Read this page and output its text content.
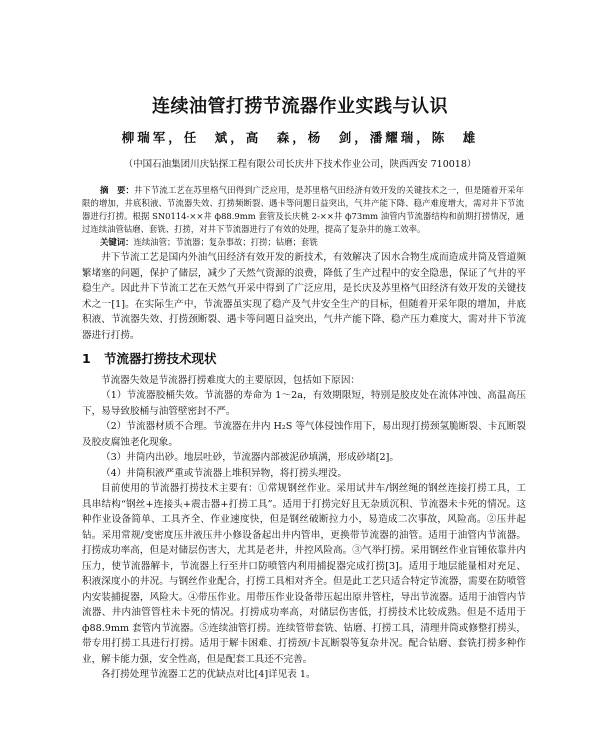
连续油管打捞节流器作业实践与认识

柳瑞军，任　斌，高　森，杨　剑，潘耀瑞，陈　雄

（中国石油集团川庆钻探工程有限公司长庆井下技术作业公司，陕西西安 710018）

摘　要：井下节流工艺在苏里格气田得到广泛应用，是苏里格气田经济有效开发的关键技术之一，但是随着开采年限的增加，井底积液、节流器失效、打捞频断裂、遇卡等问题日益突出，气井产能下降、稳产难度增大，需对井下节流器进行打捞。根据 SN0114-××井 ф88.9mm 套管及长庆桃 2-××井 ф73mm 油管内节流器结构和前期打捞情况，通过连续油管钻磨、套铣、打捞，对井下节流器进行了有效的处理，提高了复杂井的施工效率。

关键词：连续油管；节流器；复杂事故；打捞；钻磨；套铣

井下节流工艺是国内外油气田经济有效开发的新技术，有效解决了因水合物生成而造成井筒及管道频繁堵塞的问题，保护了储层，减少了天然气资源的浪费，降低了生产过程中的安全隐患，保证了气井的平稳生产。因此井下节流工艺在天然气开采中得到了广泛应用，是长庆及苏里格气田经济有效开发的关键技术之一[1]。在实际生产中，节流器虽实现了稳产及气井安全生产的目标，但随着开采年限的增加，井底积液、节流器失效、打捞颈断裂、遇卡等问题日益突出，气井产能下降、稳产压力难度大，需对井下节流器进行打捞。

1 节流器打捞技术现状

节流器失效是节流器打捞难度大的主要原因，包括如下原因：

（1）节流器胶桶失效。节流器的寿命为 1～2a，有效期限短，特别是胶皮处在流体冲蚀、高温高压下，易导致胶桶与油管壁密封不严。

（2）节流器材质不合理。节流器在井内 H₂S 等气体侵蚀作用下，易出现打捞颈氢脆断裂、卡瓦断裂及胶皮腐蚀老化现象。

（3）井筒内出砂。地层吐砂，节流器内部被泥砂填满，形成砂堵[2]。

（4）井筒积液严重或节流器上堆积异物，将打捞头埋没。

目前使用的节流器打捞技术主要有：①常规钢丝作业。采用试井车/钢丝绳的钢丝连接打捞工具，工具串结构“钢丝+连接头+震击器+打捞工具”。适用于打捞完好且无杂质沉积、节流器未卡死的情况。这种作业设备简单、工具齐全、作业速度快，但是钢丝破断拉力小，易造成二次事故，风险高。②压井起钻。采用常规/变密度压井液压井小修设备起出井内管串，更换带节流器的油管。适用于油管内节流器。打捞成功率高，但是对储层伤害大，尤其是老井，井控风险高。③气举打捞。采用钢丝作业盲锤依靠井内压力，使节流器解卡，节流器上行至井口防喷管内利用捕捉器完成打捞[3]。适用于地层能量相对充足、积液深度小的井况。与钢丝作业配合，打捞工具相对齐全。但是此工艺只适合特定节流器，需要在防喷管内安装捕捉器，风险大。④带压作业。用带压作业设备带压起出原井管柱，导出节流器。适用于油管内节流器、井内油管管柱未卡死的情况。打捞成功率高，对储层伤害低，打捞技术比较成熟。但是不适用于 ф88.9mm 套管内节流器。⑤连续油管打捞。连续管带套铣、钻磨、打捞工具，清理井筒或修整打捞头，带专用打捞工具进行打捞。适用于解卡困难、打捞颈/卡瓦断裂等复杂井况。配合钻磨、套铣打捞多种作业，解卡能力强，安全性高，但是配套工具还不完善。

各打捞处理节流器工艺的优缺点对比[4]详见表 1。
